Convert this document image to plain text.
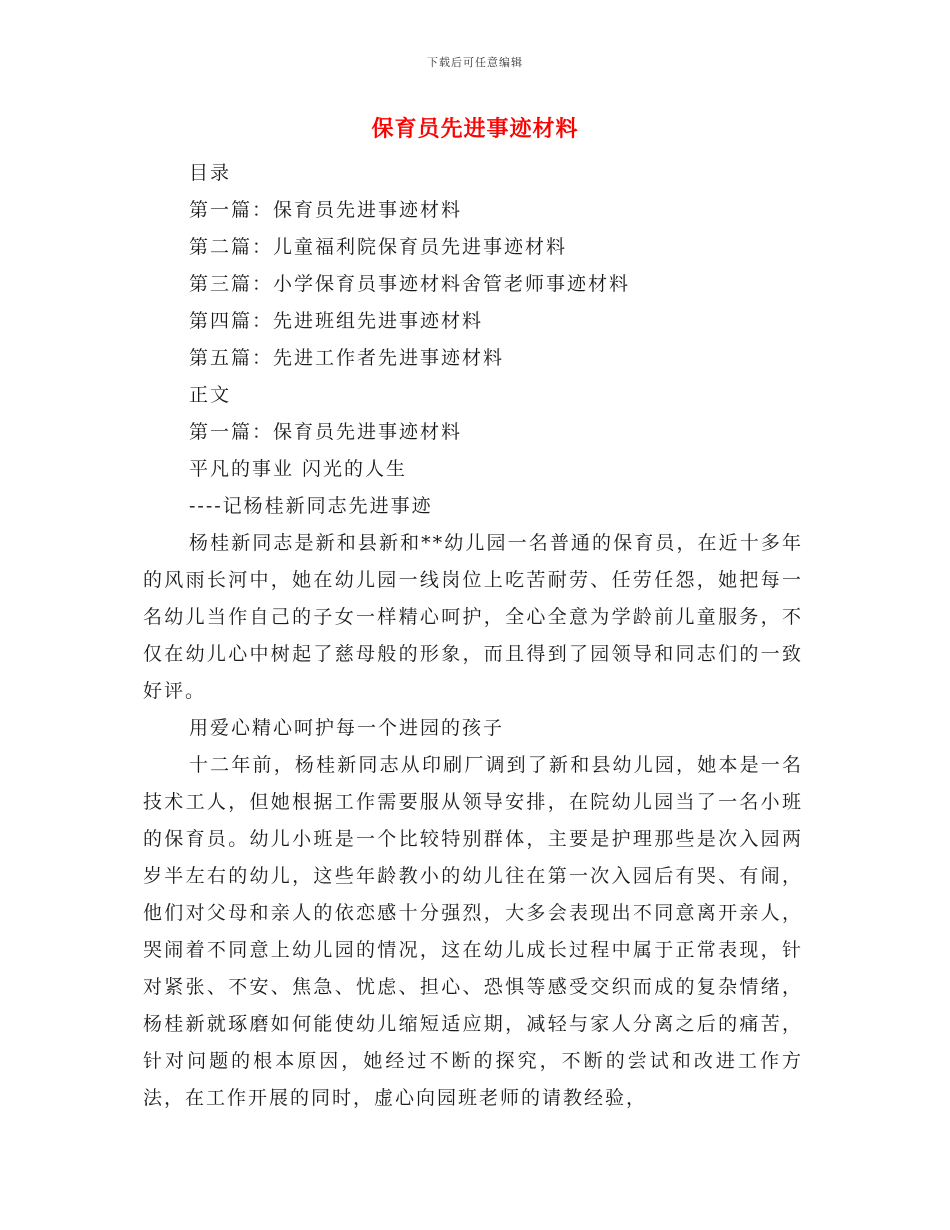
下载后可任意编辑
保育员先进事迹材料

目录

第一篇：保育员先进事迹材料

第二篇：儿童福利院保育员先进事迹材料

第三篇：小学保育员事迹材料舍管老师事迹材料

第四篇：先进班组先进事迹材料

第五篇：先进工作者先进事迹材料

正文

第一篇：保育员先进事迹材料

平凡的事业 闪光的人生

----记杨桂新同志先进事迹

杨桂新同志是新和县新和**幼儿园一名普通的保育员，在近十多年的风雨长河中，她在幼儿园一线岗位上吃苦耐劳、任劳任怨，她把每一名幼儿当作自己的子女一样精心呵护，全心全意为学龄前儿童服务，不仅在幼儿心中树起了慈母般的形象，而且得到了园领导和同志们的一致好评。

用爱心精心呵护每一个进园的孩子

十二年前，杨桂新同志从印刷厂调到了新和县幼儿园，她本是一名技术工人，但她根据工作需要服从领导安排，在院幼儿园当了一名小班的保育员。幼儿小班是一个比较特别群体，主要是护理那些是次入园两岁半左右的幼儿，这些年龄教小的幼儿往在第一次入园后有哭、有闹，他们对父母和亲人的依恋感十分强烈，大多会表现出不同意离开亲人，哭闹着不同意上幼儿园的情况，这在幼儿成长过程中属于正常表现，针对紧张、不安、焦急、忧虑、担心、恐惧等感受交织而成的复杂情绪，杨桂新就琢磨如何能使幼儿缩短适应期，减轻与家人分离之后的痛苦，针对问题的根本原因，她经过不断的探究，不断的尝试和改进工作方法，在工作开展的同时，虚心向园班老师的请教经验，
